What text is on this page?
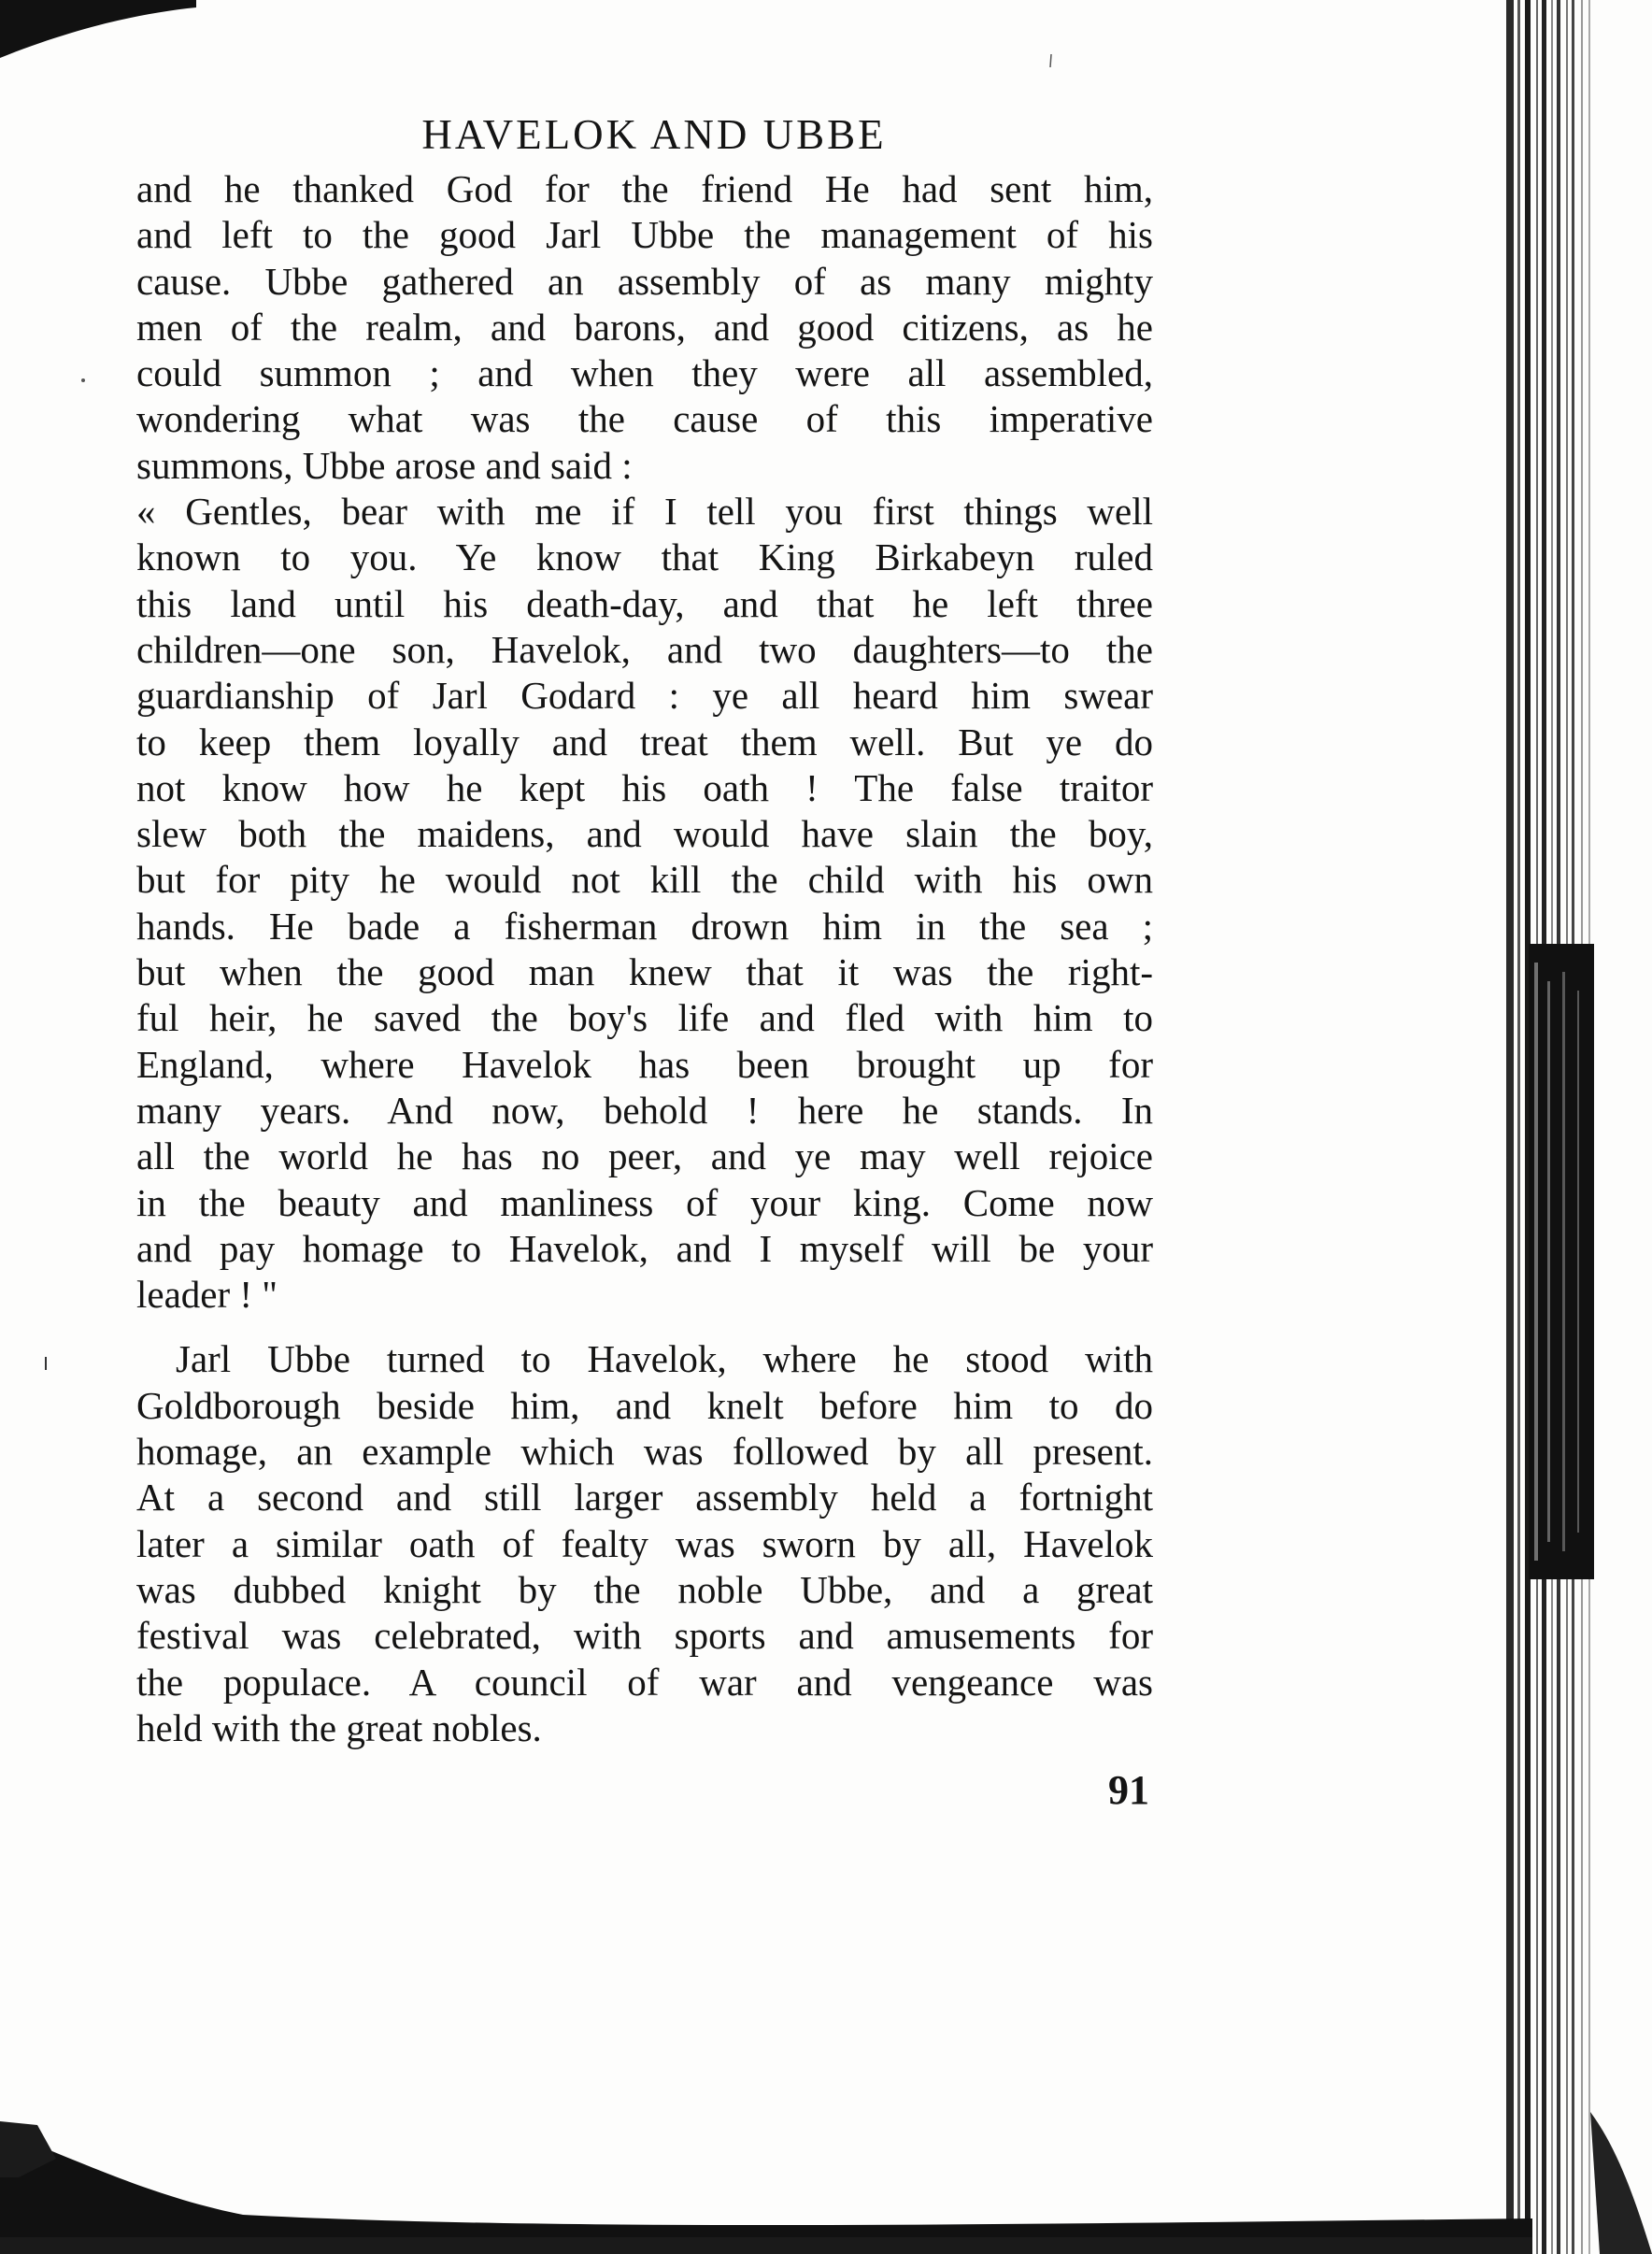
HAVELOK AND UBBE
and he thanked God for the friend He had sent him,
and left to the good Jarl Ubbe the management of his
cause. Ubbe gathered an assembly of as many mighty
men of the realm, and barons, and good citizens, as he
could summon ; and when they were all assembled,
wondering what was the cause of this imperative
summons, Ubbe arose and said :
« Gentles, bear with me if I tell you first things well
known to you. Ye know that King Birkabeyn ruled
this land until his death-day, and that he left three
children—one son, Havelok, and two daughters—to the
guardianship of Jarl Godard : ye all heard him swear
to keep them loyally and treat them well. But ye do
not know how he kept his oath ! The false traitor
slew both the maidens, and would have slain the boy,
but for pity he would not kill the child with his own
hands. He bade a fisherman drown him in the sea ;
but when the good man knew that it was the right-
ful heir, he saved the boy's life and fled with him to
England, where Havelok has been brought up for
many years. And now, behold ! here he stands. In
all the world he has no peer, and ye may well rejoice
in the beauty and manliness of your king. Come now
and pay homage to Havelok, and I myself will be your
leader ! "
Jarl Ubbe turned to Havelok, where he stood with
Goldborough beside him, and knelt before him to do
homage, an example which was followed by all present.
At a second and still larger assembly held a fortnight
later a similar oath of fealty was sworn by all, Havelok
was dubbed knight by the noble Ubbe, and a great
festival was celebrated, with sports and amusements for
the populace. A council of war and vengeance was
held with the great nobles.
91
